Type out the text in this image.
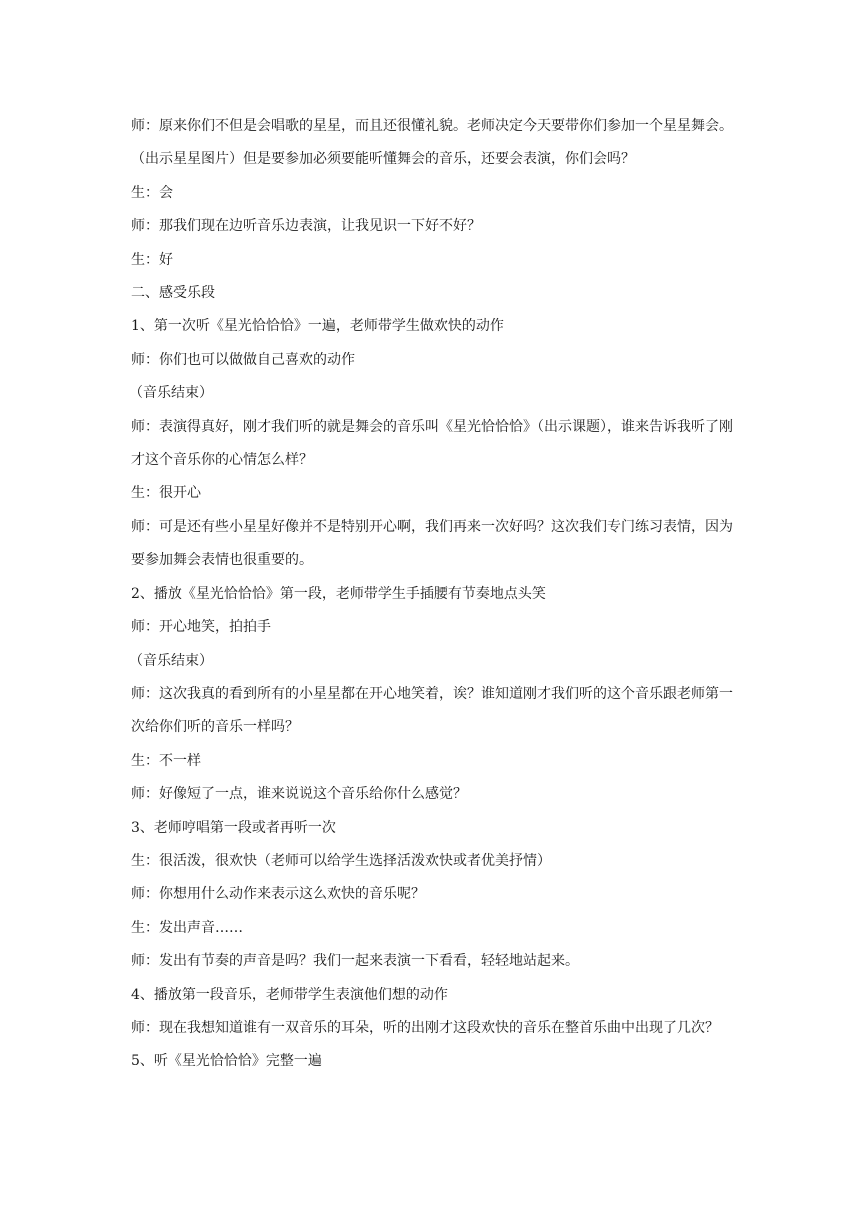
师：原来你们不但是会唱歌的星星，而且还很懂礼貌。老师决定今天要带你们参加一个星星舞会。（出示星星图片）但是要参加必须要能听懂舞会的音乐，还要会表演，你们会吗？

生：会

师：那我们现在边听音乐边表演，让我见识一下好不好？

生：好

二、感受乐段

1、第一次听《星光恰恰恰》一遍，老师带学生做欢快的动作

师：你们也可以做做自己喜欢的动作

（音乐结束）

师：表演得真好，刚才我们听的就是舞会的音乐叫《星光恰恰恰》（出示课题），谁来告诉我听了刚才这个音乐你的心情怎么样？

生：很开心

师：可是还有些小星星好像并不是特别开心啊，我们再来一次好吗？这次我们专门练习表情，因为要参加舞会表情也很重要的。

2、播放《星光恰恰恰》第一段，老师带学生手插腰有节奏地点头笑

师：开心地笑，拍拍手

（音乐结束）

师：这次我真的看到所有的小星星都在开心地笑着，诶？谁知道刚才我们听的这个音乐跟老师第一次给你们听的音乐一样吗？

生：不一样

师：好像短了一点，谁来说说这个音乐给你什么感觉？

3、老师哼唱第一段或者再听一次

生：很活泼，很欢快（老师可以给学生选择活泼欢快或者优美抒情）

师：你想用什么动作来表示这么欢快的音乐呢？

生：发出声音……

师：发出有节奏的声音是吗？我们一起来表演一下看看，轻轻地站起来。

4、播放第一段音乐，老师带学生表演他们想的动作

师：现在我想知道谁有一双音乐的耳朵，听的出刚才这段欢快的音乐在整首乐曲中出现了几次？

5、听《星光恰恰恰》完整一遍
